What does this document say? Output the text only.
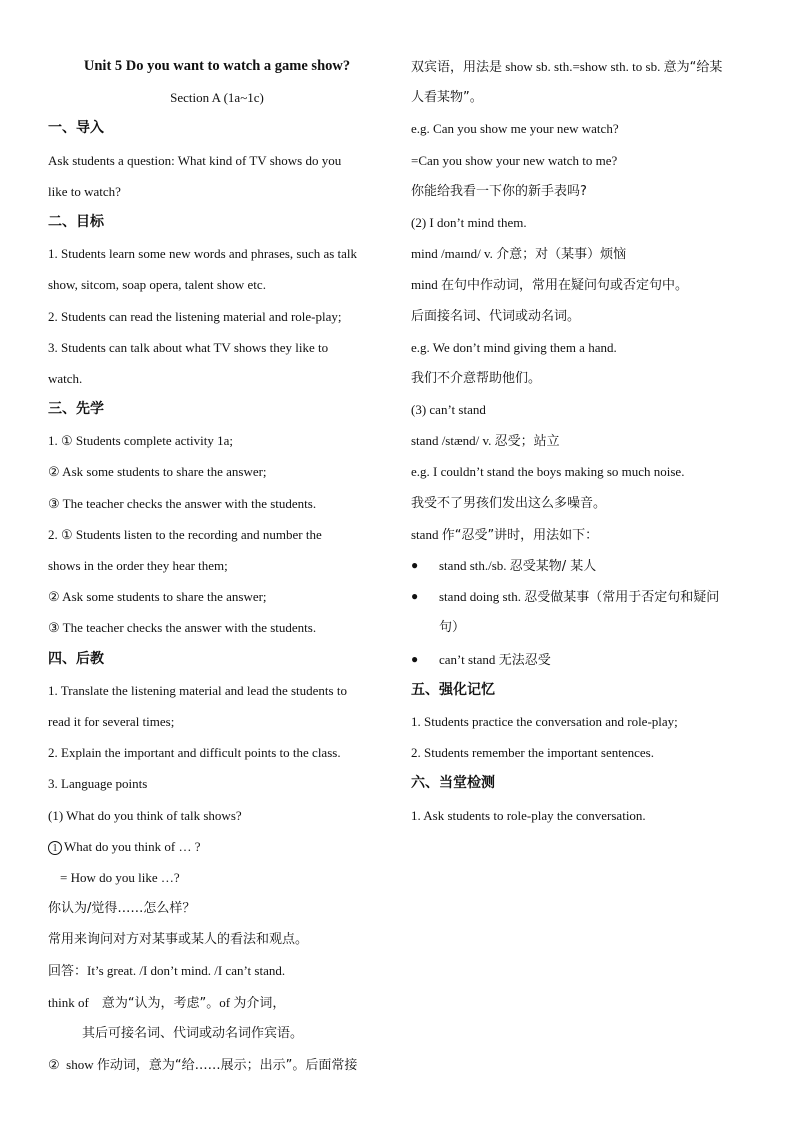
Unit 5 Do you want to watch a game show?
Section A (1a~1c)
一、导入
Ask students a question: What kind of TV shows do you
like to watch?
二、目标
1. Students learn some new words and phrases, such as talk
show, sitcom, soap opera, talent show etc.
2. Students can read the listening material and role-play;
3. Students can talk about what TV shows they like to
watch.
三、先学
1. ① Students complete activity 1a;
② Ask some students to share the answer;
③ The teacher checks the answer with the students.
2. ① Students listen to the recording and number the
shows in the order they hear them;
② Ask some students to share the answer;
③ The teacher checks the answer with the students.
四、后教
1. Translate the listening material and lead the students to
read it for several times;
2. Explain the important and difficult points to the class.
3. Language points
(1) What do you think of talk shows?
1 What do you think of … ?
= How do you like …?
你认为/觉得……怎么样？
常用来询问对方对某事或某人的看法和观点。
回答：It’s great. /I don’t mind. /I can’t stand.
think of 意为“认为，考虑”。of 为介词，
其后可接名词、代词或动名词作宾语。
② show 作动词，意为“给……展示；出示”。后面常接
双宾语，用法是 show sb. sth.=show sth. to sb. 意为“给某
人看某物”。
e.g. Can you show me your new watch?
=Can you show your new watch to me?
你能给我看一下你的新手表吗?
(2) I don’t mind them.
mind /maɪnd/ v. 介意；对（某事）烦恼
mind 在句中作动词，常用在疑问句或否定句中。
后面接名词、代词或动名词。
e.g. We don’t mind giving them a hand.
我们不介意帮助他们。
(3) can’t stand
stand /stænd/ v. 忍受；站立
e.g. I couldn’t stand the boys making so much noise.
我受不了男孩们发出这么多噪音。
stand 作“忍受”讲时，用法如下：
● stand sth./sb. 忍受某物/ 某人
● stand doing sth. 忍受做某事（常用于否定句和疑问
句）
● can’t stand 无法忍受
五、强化记忆
1. Students practice the conversation and role-play;
2. Students remember the important sentences.
六、当堂检测
1. Ask students to role-play the conversation.
